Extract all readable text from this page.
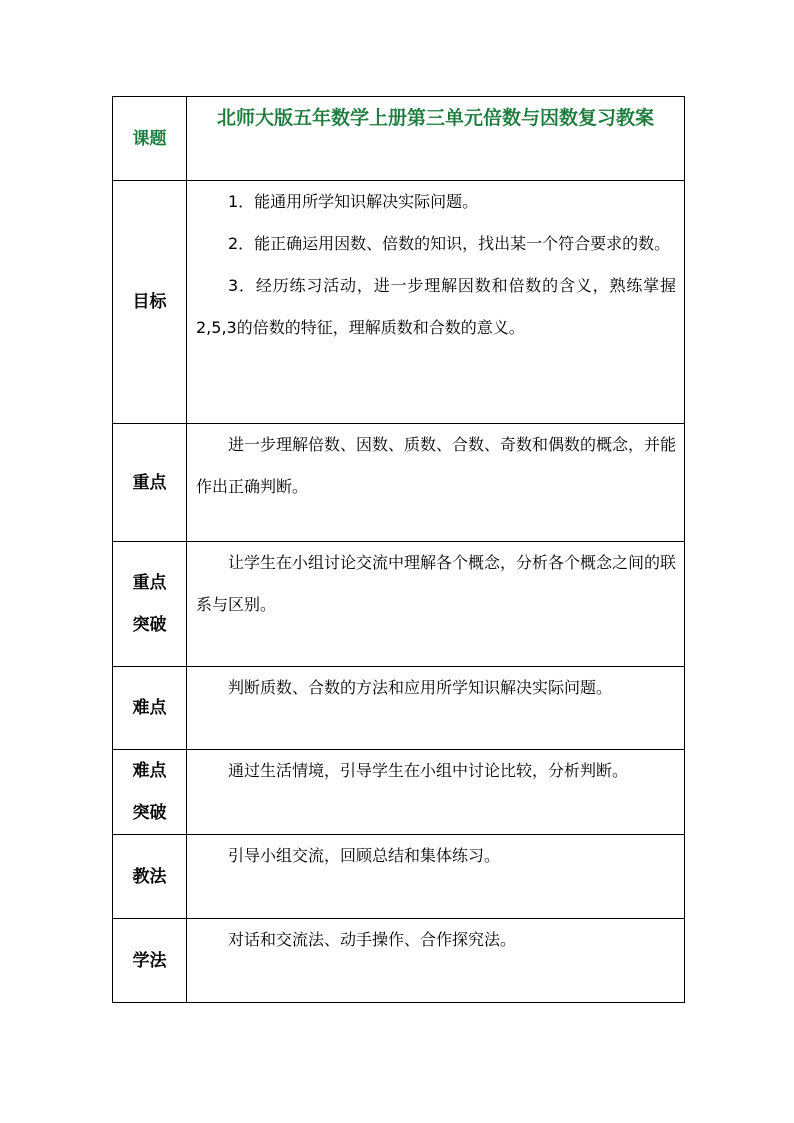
课题	北师大版五年数学上册第三单元倍数与因数复习教案
目标	1．能通用所学知识解决实际问题。

2．能正确运用因数、倍数的知识，找出某一个符合要求的数。

3．经历练习活动，进一步理解因数和倍数的含义，熟练掌握2,5,3的倍数的特征，理解质数和合数的意义。

重点	进一步理解倍数、因数、质数、合数、奇数和偶数的概念，并能作出正确判断。

重点
突破	让学生在小组讨论交流中理解各个概念，分析各个概念之间的联系与区别。

难点	判断质数、合数的方法和应用所学知识解决实际问题。

难点
突破	通过生活情境，引导学生在小组中讨论比较，分析判断。

教法	引导小组交流，回顾总结和集体练习。

学法	对话和交流法、动手操作、合作探究法。
